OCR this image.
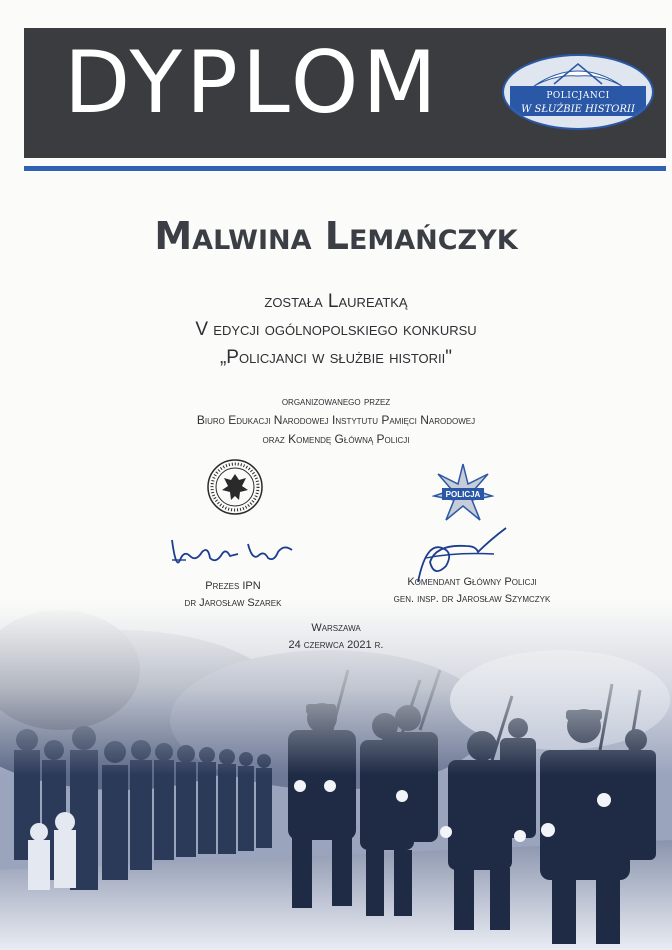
DYPLOM	POLICJANCI
W SŁUŻBIE HISTORII
Malwina Lemańczyk
została Laureatką
V edycji ogólnopolskiego konkursu
„Policjanci w służbie historii"
organizowanego przez
Biuro Edukacji Narodowej Instytutu Pamięci Narodowej
oraz Komendę Główną Policji
POLICJA
Prezes IPN
dr Jarosław Szarek
Komendant Główny Policji
gen. insp. dr Jarosław Szymczyk
Warszawa
24 czerwca 2021 r.
